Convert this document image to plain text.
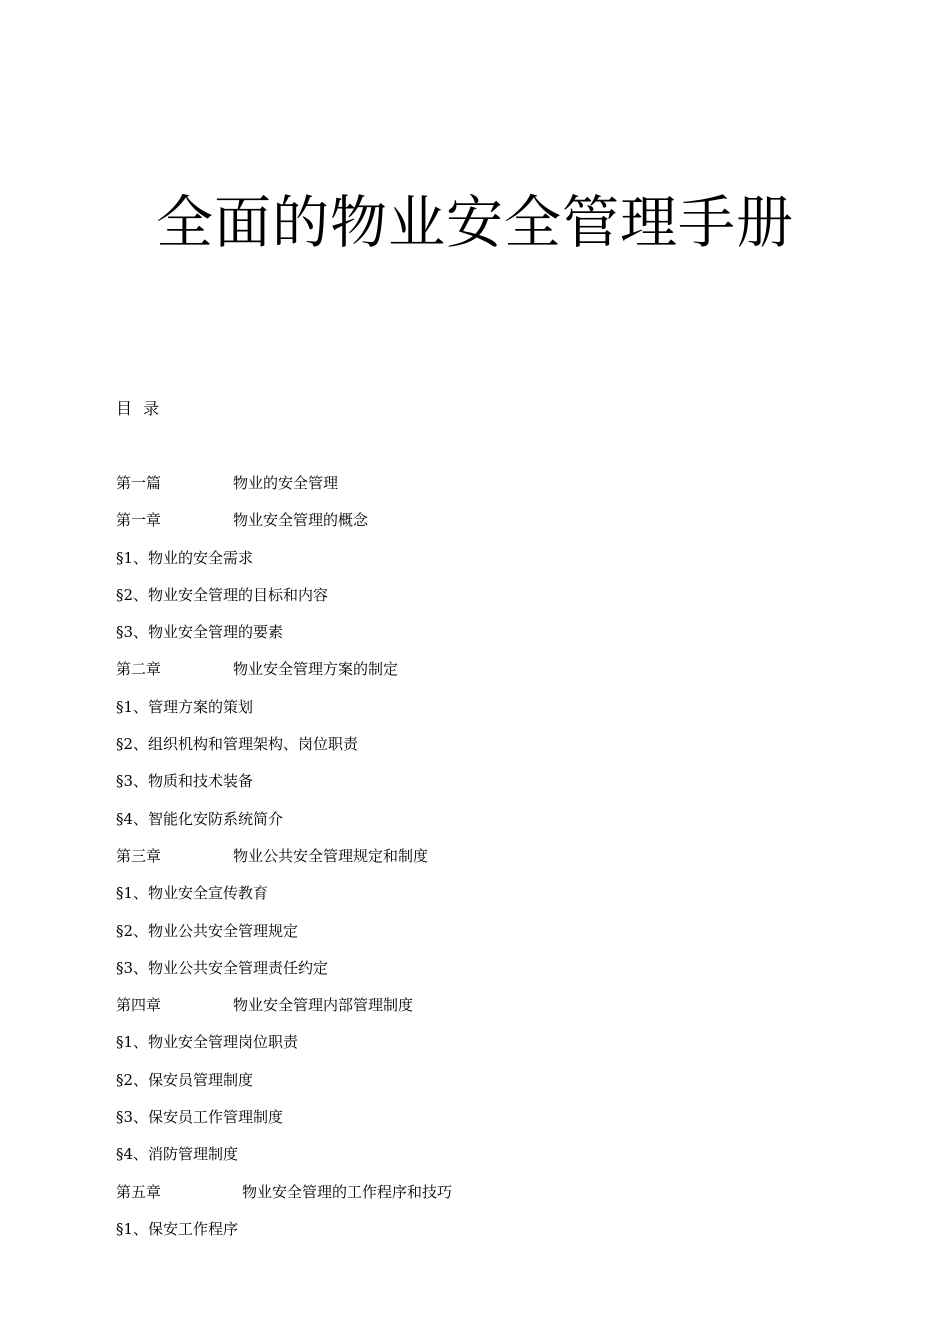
全面的物业安全管理手册
目 录
第一篇	物业的安全管理
第一章	物业安全管理的概念
§1、物业的安全需求
§2、物业安全管理的目标和内容
§3、物业安全管理的要素
第二章	物业安全管理方案的制定
§1、管理方案的策划
§2、组织机构和管理架构、岗位职责
§3、物质和技术装备
§4、智能化安防系统简介
第三章	物业公共安全管理规定和制度
§1、物业安全宣传教育
§2、物业公共安全管理规定
§3、物业公共安全管理责任约定
第四章	物业安全管理内部管理制度
§1、物业安全管理岗位职责
§2、保安员管理制度
§3、保安员工作管理制度
§4、消防管理制度
第五章	物业安全管理的工作程序和技巧
§1、保安工作程序
